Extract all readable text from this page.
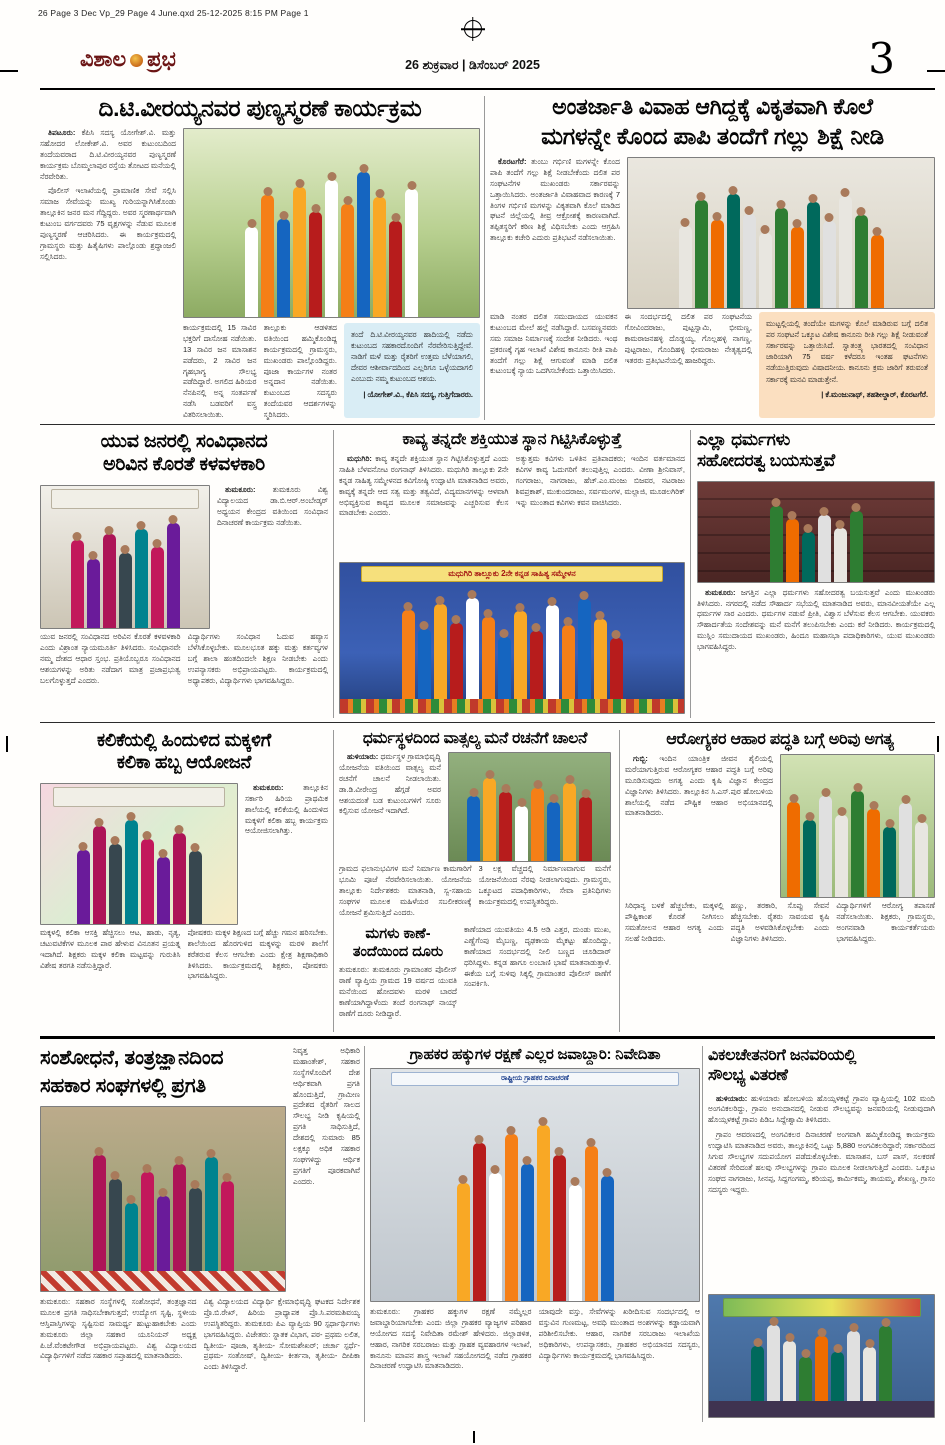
26 Page 3 Dec Vp_29 Page 4 June.qxd 25-12-2025 8:15 PM Page 1
ವಿಶಾಲ ಪ್ರಭ	26 ಶುಕ್ರವಾರ | ಡಿಸೆಂಬರ್ 2025	3
ದಿ.ಟಿ.ವೀರಯ್ಯನವರ ಪುಣ್ಯಸ್ಮರಣೆ ಕಾರ್ಯಕ್ರಮ

ತಿಪಟೂರು: ಕೆಪಿಸಿ ಸದಸ್ಯ ಯೋಗೇಶ್.ವಿ. ಮತ್ತು ಸಹೋದರ ಲೋಕೇಶ್.ವಿ. ಅವರ ಕುಟುಂಬದಿಂದ ತಂದೆಯವರಾದ ದಿ.ಟಿ.ವೀರಯ್ಯನವರ ಪುಣ್ಯಸ್ಮರಣೆ ಕಾರ್ಯಕ್ರಮ ಬೊಮ್ಮಲಾಪುರ ರಸ್ತೆಯ ತೋಟದ ಮನೆಯಲ್ಲಿ ನೆರವೇರಿತು.

ಪೊಲೀಸ್ ಇಲಾಖೆಯಲ್ಲಿ ಪ್ರಾಮಾಣಿಕ ಸೇವೆ ಸಲ್ಲಿಸಿ ಸಮಾಜ ಸೇವೆಯನ್ನು ಮುಖ್ಯ ಗುರಿಯನ್ನಾಗಿಸಿಕೊಂಡು ತಾಲ್ಲೂಕಿನ ಜನರ ಮನ ಗೆದ್ದಿದ್ದರು. ಅವರ ಸ್ಮರಣಾರ್ಥವಾಗಿ ಕುಟುಂಬ ವರ್ಗದವರು 75 ವೃಕ್ಷಗಳನ್ನು ನೆಡುವ ಮೂಲಕ ಪುಣ್ಯಸ್ಮರಣೆ ಆಚರಿಸಿದರು. ಈ ಕಾರ್ಯಕ್ರಮದಲ್ಲಿ ಗ್ರಾಮಸ್ಥರು ಮತ್ತು ಹಿತೈಷಿಗಳು ಪಾಲ್ಗೊಂಡು ಶ್ರದ್ಧಾಂಜಲಿ ಸಲ್ಲಿಸಿದರು.

ಕಾರ್ಯಕ್ರಮದಲ್ಲಿ 15 ಸಾವಿರ ಭಕ್ತರಿಗೆ ದಾಸೋಹ ನಡೆಯಿತು. 13 ಸಾವಿರ ಜನ ಮಾಸಾಶನ ಪಡೆದರು, 2 ಸಾವಿರ ಜನ ಗೃಹಭಾಗ್ಯ ಸೌಲಭ್ಯ ಪಡೆದಿದ್ದಾರೆ. ಅಗಲಿದ ಹಿರಿಯರ ನೆನಪಿನಲ್ಲಿ ಅನ್ನ ಸಂತರ್ಪಣೆ ನಡೆಸಿ ಬಡವರಿಗೆ ವಸ್ತ್ರ ವಿತರಿಸಲಾಯಿತು.
ತಾಲ್ಲೂಕು ಆಡಳಿತದ ವತಿಯಿಂದ ಹಮ್ಮಿಕೊಂಡಿದ್ದ ಕಾರ್ಯಕ್ರಮದಲ್ಲಿ ಗ್ರಾಮಸ್ಥರು, ಮುಖಂಡರು ಪಾಲ್ಗೊಂಡಿದ್ದರು. ಪೂಜಾ ಕಾರ್ಯಗಳ ನಂತರ ಅನ್ನದಾನ ನಡೆಯಿತು. ಕುಟುಂಬದ ಸದಸ್ಯರು ತಂದೆಯವರ ಆದರ್ಶಗಳನ್ನು ಸ್ಮರಿಸಿದರು.
ತಂದೆ ದಿ.ಟಿ.ವೀರಯ್ಯನವರ ಹಾದಿಯಲ್ಲಿ ನಡೆದು ಕುಟುಂಬದ ಸಹಕಾರದೊಂದಿಗೆ ನೆರವೇರಿಸುತ್ತಿದ್ದೇವೆ. ನಾಡಿಗೆ ಮಳೆ ಮತ್ತು ರೈತರಿಗೆ ಉತ್ತಮ ಬೆಳೆಯಾಗಲಿ, ದೇವರ ಆಶೀರ್ವಾದದಿಂದ ಎಲ್ಲರಿಗೂ ಒಳ್ಳೆಯದಾಗಲಿ ಎಂಬುದು ನಮ್ಮ ಕುಟುಂಬದ ಆಶಯ.
| ಯೋಗೇಶ್.ವಿ., ಕೆಪಿಸಿ ಸದಸ್ಯ, ಗುತ್ತಿಗೆದಾರರು.
ಅಂತರ್ಜಾತಿ ವಿವಾಹ ಆಗಿದ್ದಕ್ಕೆ ವಿಕೃತವಾಗಿ ಕೊಲೆ
ಮಗಳನ್ನೇ ಕೊಂದ ಪಾಪಿ ತಂದೆಗೆ ಗಲ್ಲು ಶಿಕ್ಷೆ ನೀಡಿ

ಕೊರಟಗೆರೆ: ತುಂಬು ಗರ್ಭಿಣಿ ಮಗಳನ್ನೇ ಕೊಂದ ಪಾಪಿ ತಂದೆಗೆ ಗಲ್ಲು ಶಿಕ್ಷೆ ನೀಡಬೇಕೆಂದು ದಲಿತ ಪರ ಸಂಘಟನೆಗಳ ಮುಖಂಡರು ಸರ್ಕಾರವನ್ನು ಒತ್ತಾಯಿಸಿದರು. ಅಂತರ್ಜಾತಿ ವಿವಾಹವಾದ ಕಾರಣಕ್ಕೆ 7 ತಿಂಗಳ ಗರ್ಭಿಣಿ ಮಗಳನ್ನು ವಿಕೃತವಾಗಿ ಕೊಲೆ ಮಾಡಿದ ಘಟನೆ ಜಿಲ್ಲೆಯಲ್ಲಿ ತೀವ್ರ ಆಕ್ರೋಶಕ್ಕೆ ಕಾರಣವಾಗಿದೆ. ತಪ್ಪಿತಸ್ಥರಿಗೆ ಕಠಿಣ ಶಿಕ್ಷೆ ವಿಧಿಸಬೇಕು ಎಂದು ಆಗ್ರಹಿಸಿ ತಾಲ್ಲೂಕು ಕಚೇರಿ ಎದುರು ಪ್ರತಿಭಟನೆ ನಡೆಸಲಾಯಿತು.

ಮಾಡಿ ನಂತರ ದಲಿತ ಸಮುದಾಯದ ಯುವಕನ ಕುಟುಂಬದ ಮೇಲೆ ಹಲ್ಲೆ ನಡೆಸಿದ್ದಾರೆ. ಬಸವಣ್ಣನವರು ಸಮ ಸಮಾಜ ನಿರ್ಮಾಣಕ್ಕೆ ಸಂದೇಶ ನೀಡಿದರು. ಇಂಥ ಪ್ರಕರಣಕ್ಕೆ ಗೃಹ ಇಲಾಖೆ ವಿಶೇಷ ಕಾನೂನು ರೀತಿ ಪಾಪಿ ತಂದೆಗೆ ಗಲ್ಲು ಶಿಕ್ಷೆ ಆಗುವಂತೆ ಮಾಡಿ ದಲಿತ ಕುಟುಂಬಕ್ಕೆ ನ್ಯಾಯ ಒದಗಿಸಬೇಕೆಂದು ಒತ್ತಾಯಿಸಿದರು.
ಈ ಸಂದರ್ಭದಲ್ಲಿ ದಲಿತ ಪರ ಸಂಘಟನೆಯ ಗೋವಿಂದರಾಜು, ಪುಟ್ಟಸ್ವಾಮಿ, ಭೀಮಣ್ಣ, ಕಾಮರಾಜನಹಳ್ಳಿ ದೊಡ್ಡಯ್ಯ, ಗೊಲ್ಲಹಳ್ಳಿ ನಾಗಣ್ಣ, ಪುಟ್ಟರಾಜು, ಗೊಂದಿಹಳ್ಳಿ ಭೀಮರಾಜು ನೇತೃತ್ವದಲ್ಲಿ ಇತರರು ಪ್ರತಿಭಟನೆಯಲ್ಲಿ ಹಾಜರಿದ್ದರು.
ಮುಟ್ಟಲ್ಲಿಯಲ್ಲಿ ತಂದೆಯೇ ಮಗಳನ್ನು ಕೊಲೆ ಮಾಡಿರುವ ಬಗ್ಗೆ ದಲಿತ ಪರ ಸಂಘಟನೆ ಒಕ್ಕೂಟ ವಿಶೇಷ ಕಾನೂನು ರೀತಿ ಗಲ್ಲು ಶಿಕ್ಷೆ ನೀಡುವಂತೆ ಸರ್ಕಾರವನ್ನು ಒತ್ತಾಯಿಸಿದೆ. ಸ್ವಾತಂತ್ರ್ಯ ಭಾರತದಲ್ಲಿ ಸಂವಿಧಾನ ಜಾರಿಯಾಗಿ 75 ವರ್ಷ ಕಳೆದರೂ ಇಂತಹ ಘಟನೆಗಳು ನಡೆಯುತ್ತಿರುವುದು ವಿಷಾದನೀಯ. ಕಾನೂನು ಕ್ರಮ ಜಾರಿಗೆ ತರುವಂತೆ ಸರ್ಕಾರಕ್ಕೆ ಮನವಿ ಮಾಡುತ್ತೇನೆ.
| ಕೆ.ಮಂಜುನಾಥ್, ತಹಶೀಲ್ದಾರ್, ಕೊರಟಗೆರೆ.
ಯುವ ಜನರಲ್ಲಿ ಸಂವಿಧಾನದ
ಅರಿವಿನ ಕೊರತೆ ಕಳವಳಕಾರಿ

ತುಮಕೂರು: ತುಮಕೂರು ವಿಶ್ವ ವಿದ್ಯಾಲಯದ ಡಾ.ಬಿ.ಆರ್.ಅಂಬೇಡ್ಕರ್ ಅಧ್ಯಯನ ಕೇಂದ್ರದ ವತಿಯಿಂದ ಸಂವಿಧಾನ ದಿನಾಚರಣೆ ಕಾರ್ಯಕ್ರಮ ನಡೆಯಿತು.

ಯುವ ಜನರಲ್ಲಿ ಸಂವಿಧಾನದ ಅರಿವಿನ ಕೊರತೆ ಕಳವಳಕಾರಿ ಎಂದು ವಿಶ್ರಾಂತ ನ್ಯಾಯಮೂರ್ತಿ ತಿಳಿಸಿದರು. ಸಂವಿಧಾನವೇ ನಮ್ಮ ದೇಶದ ಆಧಾರ ಸ್ತಂಭ. ಪ್ರತಿಯೊಬ್ಬರೂ ಸಂವಿಧಾನದ ಆಶಯಗಳನ್ನು ಅರಿತು ನಡೆದಾಗ ಮಾತ್ರ ಪ್ರಜಾಪ್ರಭುತ್ವ ಬಲಗೊಳ್ಳುತ್ತದೆ ಎಂದರು.
ವಿದ್ಯಾರ್ಥಿಗಳು ಸಂವಿಧಾನ ಓದುವ ಹವ್ಯಾಸ ಬೆಳೆಸಿಕೊಳ್ಳಬೇಕು. ಮೂಲಭೂತ ಹಕ್ಕು ಮತ್ತು ಕರ್ತವ್ಯಗಳ ಬಗ್ಗೆ ಶಾಲಾ ಹಂತದಿಂದಲೇ ಶಿಕ್ಷಣ ನೀಡಬೇಕು ಎಂದು ಉಪನ್ಯಾಸಕರು ಅಭಿಪ್ರಾಯಪಟ್ಟರು. ಕಾರ್ಯಕ್ರಮದಲ್ಲಿ ಅಧ್ಯಾಪಕರು, ವಿದ್ಯಾರ್ಥಿಗಳು ಭಾಗವಹಿಸಿದ್ದರು.
ಕಾವ್ಯ ತನ್ನದೇ ಶಕ್ತಿಯುತ ಸ್ಥಾನ ಗಿಟ್ಟಿಸಿಕೊಳ್ಳುತ್ತೆ

ಮಧುಗಿರಿ: ಕಾವ್ಯ ತನ್ನದೇ ಶಕ್ತಿಯುತ ಸ್ಥಾನ ಗಿಟ್ಟಿಸಿಕೊಳ್ಳುತ್ತದೆ ಎಂದು ಸಾಹಿತಿ ಬೆಳವನೋಟ ರಂಗನಾಥ್ ತಿಳಿಸಿದರು. ಮಧುಗಿರಿ ತಾಲ್ಲೂಕು 2ನೇ ಕನ್ನಡ ಸಾಹಿತ್ಯ ಸಮ್ಮೇಳನದ ಕವಿಗೋಷ್ಠಿ ಉದ್ಘಾಟಿಸಿ ಮಾತನಾಡಿದ ಅವರು, ಕಾವ್ಯಕ್ಕೆ ತನ್ನದೇ ಆದ ಸತ್ವ ಮತ್ತು ತತ್ವವಿದೆ, ವಿದ್ಯಮಾನಗಳನ್ನು ಆಳವಾಗಿ ಅಭಿವ್ಯಕ್ತಿಸುವ ಕಾವ್ಯದ ಮೂಲಕ ಸಮಾಜವನ್ನು ಎಚ್ಚರಿಸುವ ಕೆಲಸ ಮಾಡಬೇಕು ಎಂದರು.

ಅತ್ಯುತ್ತಮ ಕವಿಗಳು ಒಳಿತಿನ ಪ್ರತಿಪಾದಕರು; ಇಂದಿನ ವರ್ತಮಾನದ ಕವಿಗಳ ಕಾವ್ಯ ಓದುಗರಿಗೆ ತಲುಪುತ್ತಿಲ್ಲ ಎಂದರು. ವೀಣಾ ಶ್ರೀನಿವಾಸ್, ಗಂಗರಾಜು, ನಾಗರಾಜು, ಹೆಚ್.ಎಂ.ಮಂಜು ಬಿಜವರ, ನಟರಾಜು ಶಿವಪ್ರಕಾಶ್, ಮುಕುಂದರಾಜು, ಸರ್ವಮಂಗಳ, ಮಲ್ಲಾಜಿ, ಮೂಡಲಗಿರಿಕ್ ಇನ್ನು ಮುಂತಾದ ಕವಿಗಳು ಕವನ ವಾಚಿಸಿದರು.
ಮಧುಗಿರಿ ತಾಲ್ಲೂಕು 2ನೇ ಕನ್ನಡ ಸಾಹಿತ್ಯ ಸಮ್ಮೇಳನ
ಎಲ್ಲಾ ಧರ್ಮಗಳು
ಸಹೋದರತ್ವ ಬಯಸುತ್ತವೆ

ತುಮಕೂರು: ಜಗತ್ತಿನ ಎಲ್ಲಾ ಧರ್ಮಗಳು ಸಹೋದರತ್ವ ಬಯಸುತ್ತವೆ ಎಂದು ಮುಖಂಡರು ತಿಳಿಸಿದರು. ನಗರದಲ್ಲಿ ನಡೆದ ಸೌಹಾರ್ದ ಸಭೆಯಲ್ಲಿ ಮಾತನಾಡಿದ ಅವರು, ಮಾನವೀಯತೆಯೇ ಎಲ್ಲ ಧರ್ಮಗಳ ಸಾರ ಎಂದರು. ಧರ್ಮಗಳ ನಡುವೆ ಪ್ರೀತಿ, ವಿಶ್ವಾಸ ಬೆಳೆಸುವ ಕೆಲಸ ಆಗಬೇಕು. ಯುವಕರು ಸೌಹಾರ್ದತೆಯ ಸಂದೇಶವನ್ನು ಮನೆ ಮನೆಗೆ ತಲುಪಿಸಬೇಕು ಎಂದು ಕರೆ ನೀಡಿದರು. ಕಾರ್ಯಕ್ರಮದಲ್ಲಿ ಮುಸ್ಲಿಂ ಸಮುದಾಯದ ಮುಖಂಡರು, ಹಿಂದೂ ಮಹಾಸಭಾ ಪದಾಧಿಕಾರಿಗಳು, ಯುವ ಮುಖಂಡರು ಭಾಗವಹಿಸಿದ್ದರು.

ಕಲಿಕೆಯಲ್ಲಿ ಹಿಂದುಳಿದ ಮಕ್ಕಳಿಗೆ
ಕಲಿಕಾ ಹಬ್ಬ ಆಯೋಜನೆ

ತುಮಕೂರು:	ತಾಲ್ಲೂಕಿನ ಸರ್ಕಾರಿ ಹಿರಿಯ ಪ್ರಾಥಮಿಕ ಶಾಲೆಯಲ್ಲಿ ಕಲಿಕೆಯಲ್ಲಿ ಹಿಂದುಳಿದ ಮಕ್ಕಳಿಗೆ ಕಲಿಕಾ ಹಬ್ಬ ಕಾರ್ಯಕ್ರಮ ಆಯೋಜಿಸಲಾಗಿತ್ತು.

ಮಕ್ಕಳಲ್ಲಿ ಕಲಿಕಾ ಆಸಕ್ತಿ ಹೆಚ್ಚಿಸಲು ಆಟ, ಹಾಡು, ನೃತ್ಯ, ಚಟುವಟಿಕೆಗಳ ಮೂಲಕ ಪಾಠ ಹೇಳುವ ವಿನೂತನ ಪ್ರಯತ್ನ ಇದಾಗಿದೆ. ಶಿಕ್ಷಕರು ಮಕ್ಕಳ ಕಲಿಕಾ ಮಟ್ಟವನ್ನು ಗುರುತಿಸಿ ವಿಶೇಷ ತರಗತಿ ನಡೆಸುತ್ತಿದ್ದಾರೆ.
ಪೋಷಕರು ಮಕ್ಕಳ ಶಿಕ್ಷಣದ ಬಗ್ಗೆ ಹೆಚ್ಚು ಗಮನ ಹರಿಸಬೇಕು. ಶಾಲೆಯಿಂದ ಹೊರಗುಳಿದ ಮಕ್ಕಳನ್ನು ಮರಳಿ ಶಾಲೆಗೆ ಕರೆತರುವ ಕೆಲಸ ಆಗಬೇಕು ಎಂದು ಕ್ಷೇತ್ರ ಶಿಕ್ಷಣಾಧಿಕಾರಿ ತಿಳಿಸಿದರು. ಕಾರ್ಯಕ್ರಮದಲ್ಲಿ ಶಿಕ್ಷಕರು, ಪೋಷಕರು ಭಾಗವಹಿಸಿದ್ದರು.
ಧರ್ಮಸ್ಥಳದಿಂದ ವಾತ್ಸಲ್ಯ ಮನೆ ರಚನೆಗೆ ಚಾಲನೆ

ಹುಳಿಯಾರು: ಧರ್ಮಸ್ಥಳ ಗ್ರಾಮಾಭಿವೃದ್ಧಿ ಯೋಜನೆಯ ವತಿಯಿಂದ ವಾತ್ಸಲ್ಯ ಮನೆ ರಚನೆಗೆ ಚಾಲನೆ ನೀಡಲಾಯಿತು. ಡಾ.ಡಿ.ವೀರೇಂದ್ರ ಹೆಗ್ಗಡೆ ಅವರ ಆಶಯದಂತೆ ಬಡ ಕುಟುಂಬಗಳಿಗೆ ಸೂರು ಕಲ್ಪಿಸುವ ಯೋಜನೆ ಇದಾಗಿದೆ.

ಗ್ರಾಮದ ಫಲಾನುಭವಿಗಳ ಮನೆ ನಿರ್ಮಾಣ ಕಾಮಗಾರಿಗೆ ಭೂಮಿ ಪೂಜೆ ನೆರವೇರಿಸಲಾಯಿತು. ಯೋಜನೆಯ ತಾಲ್ಲೂಕು ನಿರ್ದೇಶಕರು ಮಾತನಾಡಿ, ಸ್ವ-ಸಹಾಯ ಸಂಘಗಳ ಮೂಲಕ ಮಹಿಳೆಯರ ಸಬಲೀಕರಣಕ್ಕೆ ಯೋಜನೆ ಶ್ರಮಿಸುತ್ತಿದೆ ಎಂದರು.
3 ಲಕ್ಷ ವೆಚ್ಚದಲ್ಲಿ ನಿರ್ಮಾಣವಾಗುವ ಮನೆಗೆ ಯೋಜನೆಯಿಂದ ನೆರವು ನೀಡಲಾಗುವುದು. ಗ್ರಾಮಸ್ಥರು, ಒಕ್ಕೂಟದ ಪದಾಧಿಕಾರಿಗಳು, ಸೇವಾ ಪ್ರತಿನಿಧಿಗಳು ಕಾರ್ಯಕ್ರಮದಲ್ಲಿ ಉಪಸ್ಥಿತರಿದ್ದರು.
ಮಗಳು ಕಾಣೆ- ತಂದೆಯಿಂದ ದೂರು
ತುಮಕೂರು: ತುಮಕೂರು ಗ್ರಾಮಾಂತರ ಪೊಲೀಸ್ ಠಾಣೆ ವ್ಯಾಪ್ತಿಯ ಗ್ರಾಮದ 19 ವರ್ಷದ ಯುವತಿ ಮನೆಯಿಂದ ಹೋದವಳು ಮರಳಿ ಬಾರದೆ ಕಾಣೆಯಾಗಿದ್ದಾಳೆಂದು ತಂದೆ ರಂಗನಾಥ್ ನಾಯ್ಕ್ ಠಾಣೆಗೆ ದೂರು ನೀಡಿದ್ದಾರೆ.
ಕಾಣೆಯಾದ ಯುವತಿಯು 4.5 ಅಡಿ ಎತ್ತರ, ದುಂಡು ಮುಖ, ಎಣ್ಣೆಗೆಂಪು ಮೈಬಣ್ಣ, ದೃಢಕಾಯ ಮೈಕಟ್ಟು ಹೊಂದಿದ್ದು, ಕಾಣೆಯಾದ ಸಂದರ್ಭದಲ್ಲಿ ನೀಲಿ ಬಣ್ಣದ ಚೂಡಿದಾರ್ ಧರಿಸಿದ್ದಳು. ಕನ್ನಡ ಹಾಗೂ ಲಂಬಾಣಿ ಭಾಷೆ ಮಾತನಾಡುತ್ತಾಳೆ. ಈಕೆಯ ಬಗ್ಗೆ ಸುಳಿವು ಸಿಕ್ಕಲ್ಲಿ ಗ್ರಾಮಾಂತರ ಪೊಲೀಸ್ ಠಾಣೆಗೆ ಸಂಪರ್ಕಿಸಿ.
ಆರೋಗ್ಯಕರ ಆಹಾರ ಪದ್ಧತಿ ಬಗ್ಗೆ ಅರಿವು ಅಗತ್ಯ

ಗುಬ್ಬಿ: ಇಂದಿನ ಯಾಂತ್ರಿಕ ಜೀವನ ಶೈಲಿಯಲ್ಲಿ ಮರೆಯಾಗುತ್ತಿರುವ ಆರೋಗ್ಯಕರ ಆಹಾರ ಪದ್ಧತಿ ಬಗ್ಗೆ ಅರಿವು ಮೂಡಿಸುವುದು ಅಗತ್ಯ ಎಂದು ಕೃಷಿ ವಿಜ್ಞಾನ ಕೇಂದ್ರದ ವಿಜ್ಞಾನಿಗಳು ತಿಳಿಸಿದರು. ತಾಲ್ಲೂಕಿನ ಸಿ.ಎಸ್.ಪುರ ಹೋಬಳಿಯ ಶಾಲೆಯಲ್ಲಿ ನಡೆದ ಪೌಷ್ಟಿಕ ಆಹಾರ ಅಭಿಯಾನದಲ್ಲಿ ಮಾತನಾಡಿದರು.

ಸಿರಿಧಾನ್ಯ ಬಳಕೆ ಹೆಚ್ಚಬೇಕು, ಮಕ್ಕಳಲ್ಲಿ ಪೌಷ್ಟಿಕಾಂಶ ಕೊರತೆ ನೀಗಿಸಲು ಸಮತೋಲನ ಆಹಾರ ಅಗತ್ಯ ಎಂದು ಸಲಹೆ ನೀಡಿದರು.
ಹಣ್ಣು, ತರಕಾರಿ, ಸೊಪ್ಪು ಸೇವನೆ ಹೆಚ್ಚಿಸಬೇಕು. ರೈತರು ಸಾವಯವ ಕೃಷಿ ಪದ್ಧತಿ ಅಳವಡಿಸಿಕೊಳ್ಳಬೇಕು ಎಂದು ವಿಜ್ಞಾನಿಗಳು ತಿಳಿಸಿದರು.
ವಿದ್ಯಾರ್ಥಿಗಳಿಗೆ ಆರೋಗ್ಯ ತಪಾಸಣೆ ನಡೆಸಲಾಯಿತು. ಶಿಕ್ಷಕರು, ಗ್ರಾಮಸ್ಥರು, ಅಂಗನವಾಡಿ ಕಾರ್ಯಕರ್ತೆಯರು ಭಾಗವಹಿಸಿದ್ದರು.
ಸಂಶೋಧನೆ, ತಂತ್ರಜ್ಞಾನದಿಂದ
ಸಹಕಾರ ಸಂಘಗಳಲ್ಲಿ ಪ್ರಗತಿ
ನಿವೃತ್ತ ಅಧಿಕಾರಿ ಮಹಾಂತೇಶ್, ಸಹಕಾರ ಸಂಸ್ಥೆಗಳೊಂದಿಗೆ ದೇಶ ಆರ್ಥಿಕವಾಗಿ ಪ್ರಗತಿ ಹೊಂದುತ್ತಿದೆ, ಗ್ರಾಮೀಣ ಪ್ರದೇಶದ ರೈತರಿಗೆ ಸಾಲದ ಸೌಲಭ್ಯ ನೀಡಿ ಕೃಷಿಯಲ್ಲಿ ಪ್ರಗತಿ ಸಾಧಿಸುತ್ತಿದೆ, ದೇಶದಲ್ಲಿ ಸುಮಾರು 85 ಲಕ್ಷಕ್ಕೂ ಅಧಿಕ ಸಹಕಾರ ಸಂಘಗಳಿದ್ದು ಆರ್ಥಿಕ ಪ್ರಗತಿಗೆ ಪೂರಕವಾಗಿವೆ ಎಂದರು.
ತುಮಕೂರು: ಸಹಕಾರ ಸಂಸ್ಥೆಗಳಲ್ಲಿ ಸಂಶೋಧನೆ, ತಂತ್ರಜ್ಞಾನದ ಮೂಲಕ ಪ್ರಗತಿ ಸಾಧಿಸಬೇಕಾಗುತ್ತದೆ; ಉದ್ಯೋಗ ಸೃಷ್ಟಿ, ಸ್ಥಳೀಯ ಆಸ್ತಿಪಾಸ್ತಿಗಳನ್ನು ಸೃಷ್ಟಿಸುವ ಸಾಮರ್ಥ್ಯ ಹುಟ್ಟುಹಾಕಬೇಕು ಎಂದು ತುಮಕೂರು ಜಿಲ್ಲಾ ಸಹಕಾರ ಯೂನಿಯನ್ ಅಧ್ಯಕ್ಷ ಪಿ.ಜೆ.ವೆಂಕಟೇಗೌಡ ಅಭಿಪ್ರಾಯಪಟ್ಟರು. ವಿಶ್ವ ವಿದ್ಯಾಲಯದ ವಿದ್ಯಾರ್ಥಿಗಳಿಗೆ ನಡೆದ ಸಹಕಾರ ಸಪ್ತಾಹದಲ್ಲಿ ಮಾತನಾಡಿದರು.
ವಿಶ್ವ ವಿದ್ಯಾಲಯದ ವಿದ್ಯಾರ್ಥಿ ಕ್ಷೇಮಾಭಿವೃದ್ಧಿ ಘಟಕದ ನಿರ್ದೇಶಕ ಪ್ರೊ.ಬಿ.ರೇಖ್, ಹಿರಿಯ ಪ್ರಾಧ್ಯಾಪಕ ಪ್ರೊ.ಸಿ.ಪರಮಶಿವಯ್ಯ ಉಪಸ್ಥಿತರಿದ್ದರು. ತುಮಕೂರು ಪಿಎ ವ್ಯಾಪ್ತಿಯ 90 ಸ್ಪರ್ಧಾರ್ಥಿಗಳು ಭಾಗವಹಿಸಿದ್ದರು. ವಿಜೇತರು: ಸ್ನಾತಕ ವಿಭಾಗ, ಪಠ- ಪ್ರಥಮ ಲಲಿತ, ದ್ವಿತೀಯ- ಪೂಜಾ, ತೃತೀಯ- ಸೋಮಶೇಖರ್; ಚರ್ಚಾ ಸ್ಪರ್ಧೆ- ಪ್ರಥಮ- ಸಂತೋಷ್, ದ್ವಿತೀಯ- ಕೀರ್ತನಾ, ತೃತೀಯ- ದೀಪಿಕಾ ಎಂದು ತಿಳಿಸಿದ್ದಾರೆ.
ಗ್ರಾಹಕರ ಹಕ್ಕುಗಳ ರಕ್ಷಣೆ ಎಲ್ಲರ ಜವಾಬ್ದಾರಿ: ನಿವೇದಿತಾ
ರಾಷ್ಟ್ರೀಯ ಗ್ರಾಹಕರ ದಿನಾಚರಣೆ
ತುಮಕೂರು: ಗ್ರಾಹಕರ ಹಕ್ಕುಗಳ ರಕ್ಷಣೆ ನಮ್ಮೆಲ್ಲರ ಜವಾಬ್ದಾರಿಯಾಗಬೇಕು ಎಂದು ಜಿಲ್ಲಾ ಗ್ರಾಹಕರ ವ್ಯಾಜ್ಯಗಳ ಪರಿಹಾರ ಆಯೋಗದ ಸದಸ್ಯೆ ನಿವೇದಿತಾ ರಮೇಶ್ ಹೇಳಿದರು. ಜಿಲ್ಲಾಡಳಿತ, ಆಹಾರ, ನಾಗರಿಕ ಸರಬರಾಜು ಮತ್ತು ಗ್ರಾಹಕ ವ್ಯವಹಾರಗಳ ಇಲಾಖೆ, ಕಾನೂನು ಮಾಪನ ಶಾಸ್ತ್ರ ಇಲಾಖೆ ಸಹಯೋಗದಲ್ಲಿ ನಡೆದ ಗ್ರಾಹಕರ ದಿನಾಚರಣೆ ಉದ್ಘಾಟಿಸಿ ಮಾತನಾಡಿದರು.
ಯಾವುದೇ ವಸ್ತು, ಸೇವೆಗಳನ್ನು ಖರೀದಿಸುವ ಸಂದರ್ಭದಲ್ಲಿ ಆ ವಸ್ತುವಿನ ಗುಣಮಟ್ಟ, ಅವಧಿ ಮುಂತಾದ ಅಂಶಗಳನ್ನು ಕಡ್ಡಾಯವಾಗಿ ಪರಿಶೀಲಿಸಬೇಕು. ಆಹಾರ, ನಾಗರಿಕ ಸರಬರಾಜು ಇಲಾಖೆಯ ಅಧಿಕಾರಿಗಳು, ಉಪನ್ಯಾಸಕರು, ಗ್ರಾಹಕರ ಅಭಿಯಾನದ ಸದಸ್ಯರು, ವಿದ್ಯಾರ್ಥಿಗಳು ಕಾರ್ಯಕ್ರಮದಲ್ಲಿ ಭಾಗವಹಿಸಿದ್ದರು.
ವಿಕಲಚೇತನರಿಗೆ ಜನವರಿಯಲ್ಲಿ
ಸೌಲಭ್ಯ ವಿತರಣೆ

ಹುಳಿಯಾರು: ಹುಳಿಯಾರು ಹೋಬಳಿಯ ಹೊಯ್ಸಳಕಟ್ಟೆ ಗ್ರಾಪಂ ವ್ಯಾಪ್ತಿಯಲ್ಲಿ 102 ಮಂದಿ ಅಂಗವಿಕಲರಿದ್ದು, ಗ್ರಾಪಂ ಅನುದಾನದಲ್ಲಿ ನೀಡುವ ಸೌಲಭ್ಯವನ್ನು ಜನವರಿಯಲ್ಲಿ ನೀಡುವುದಾಗಿ ಹೊಯ್ಸಳಕಟ್ಟೆ ಗ್ರಾಪಂ ಪಿಡಿಒ ಸಿದ್ದೇಶ್ವಾಮಿ ತಿಳಿಸಿದರು.

ಗ್ರಾಪಂ ಆವರಣದಲ್ಲಿ ಅಂಗವಿಕಲರ ದಿನಾಚರಣೆ ಅಂಗವಾಗಿ ಹಮ್ಮಿಕೊಂಡಿದ್ದ ಕಾರ್ಯಕ್ರಮ ಉದ್ಘಾಟಿಸಿ ಮಾತನಾಡಿದ ಅವರು, ತಾಲ್ಲೂಕಿನಲ್ಲಿ ಒಟ್ಟು 5,880 ಅಂಗವಿಕಲರಿದ್ದಾರೆ; ಸರ್ಕಾರದಿಂದ ಸಿಗುವ ಸೌಲಭ್ಯಗಳ ಸದುಪಯೋಗ ಪಡೆದುಕೊಳ್ಳಬೇಕು. ಮಾಸಾಶನ, ಬಸ್ ಪಾಸ್, ಸಲಕರಣೆ ವಿತರಣೆ ಸೇರಿದಂತೆ ಹಲವು ಸೌಲಭ್ಯಗಳನ್ನು ಗ್ರಾಪಂ ಮೂಲಕ ನೀಡಲಾಗುತ್ತಿದೆ ಎಂದರು. ಒಕ್ಕೂಟ ಸಂಘದ ನಾಗರಾಜು, ಸೀನಪ್ಪ, ಸಿದ್ದಗಂಗಮ್ಮ, ಕರಿಯಪ್ಪ, ಕಾರ್ಮಿಕಮ್ಮ, ತಾಯಮ್ಮ, ಶೇಖಣ್ಣ, ಗ್ರಾಸಂ ಸದಸ್ಯರು ಇದ್ದರು.
